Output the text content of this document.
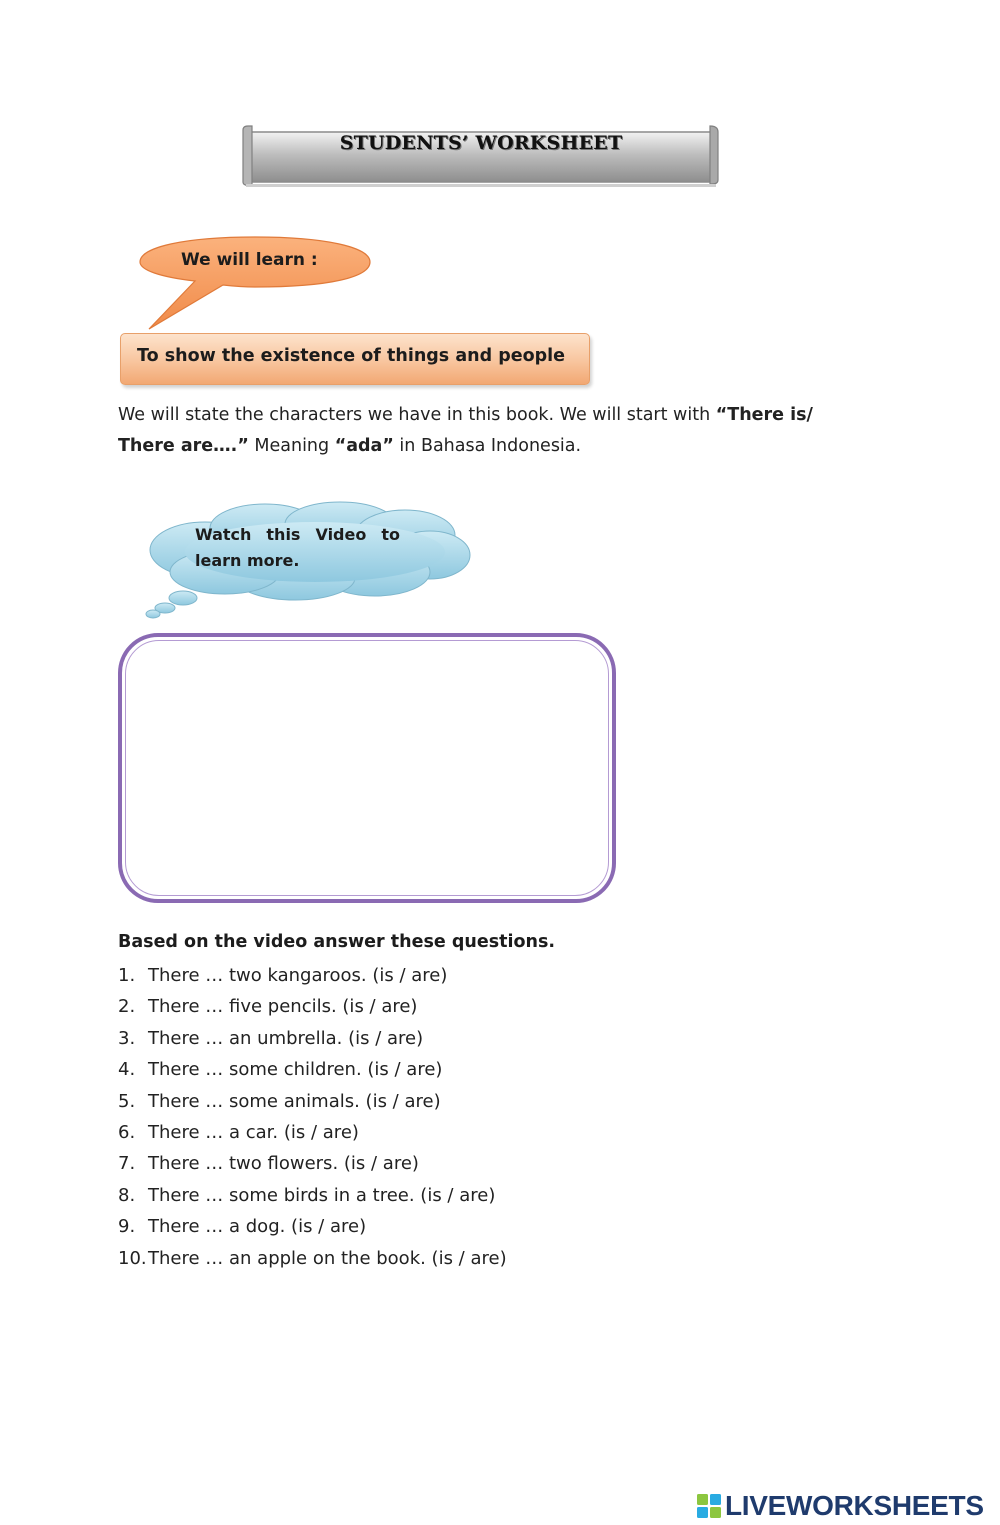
STUDENTS’ WORKSHEET
We will learn :
To show the existence of things and people
We will state the characters we have in this book. We will start with “There is/
There are….” Meaning “ada” in Bahasa Indonesia.
Watch this Video to learn more.
Based on the video answer these questions.
1. There … two kangaroos. (is / are)
2. There … five pencils. (is / are)
3. There … an umbrella. (is / are)
4. There … some children. (is / are)
5. There … some animals. (is / are)
6. There … a car. (is / are)
7. There … two flowers. (is / are)
8. There … some birds in a tree. (is / are)
9. There … a dog. (is / are)
10. There … an apple on the book. (is / are)
LIVEWORKSHEETS
